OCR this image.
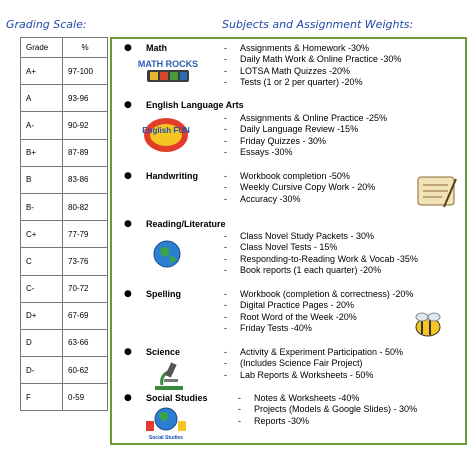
Grading Scale:	Subjects and Assignment Weights:
Grade	%
A+	97-100
A	93-96
A-	90-92
B+	87-89
B	83-86
B-	80-82
C+	77-79
C	73-76
C-	70-72
D+	67-69
D	63-66
D-	60-62
F	0-59
● Math	- Assignments & Homework -30%
- Daily Math Work & Online Practice -30%
- LOTSA Math Quizzes -20%
- Tests (1 or 2 per quarter) -20%
MATH ROCKS
● English Language Arts
- Assignments & Online Practice -25%
- Daily Language Review -15%
- Friday Quizzes - 30%
- Essays -30%
English FUN
● Handwriting	- Workbook completion -50%
- Weekly Cursive Copy Work - 20%
- Accuracy -30%
● Reading/Literature
- Class Novel Study Packets - 30%
- Class Novel Tests - 15%
- Responding-to-Reading Work & Vocab -35%
- Book reports (1 each quarter) -20%
● Spelling	- Workbook (completion & correctness) -20%
- Digital Practice Pages - 20%
- Root Word of the Week -20%
- Friday Tests -40%
● Science	- Activity & Experiment Participation - 50%
- (Includes Science Fair Project)
- Lab Reports & Worksheets - 50%
● Social Studies	- Notes & Worksheets -40%
- Projects (Models & Google Slides) - 30%
- Reports -30%
Social Studies
